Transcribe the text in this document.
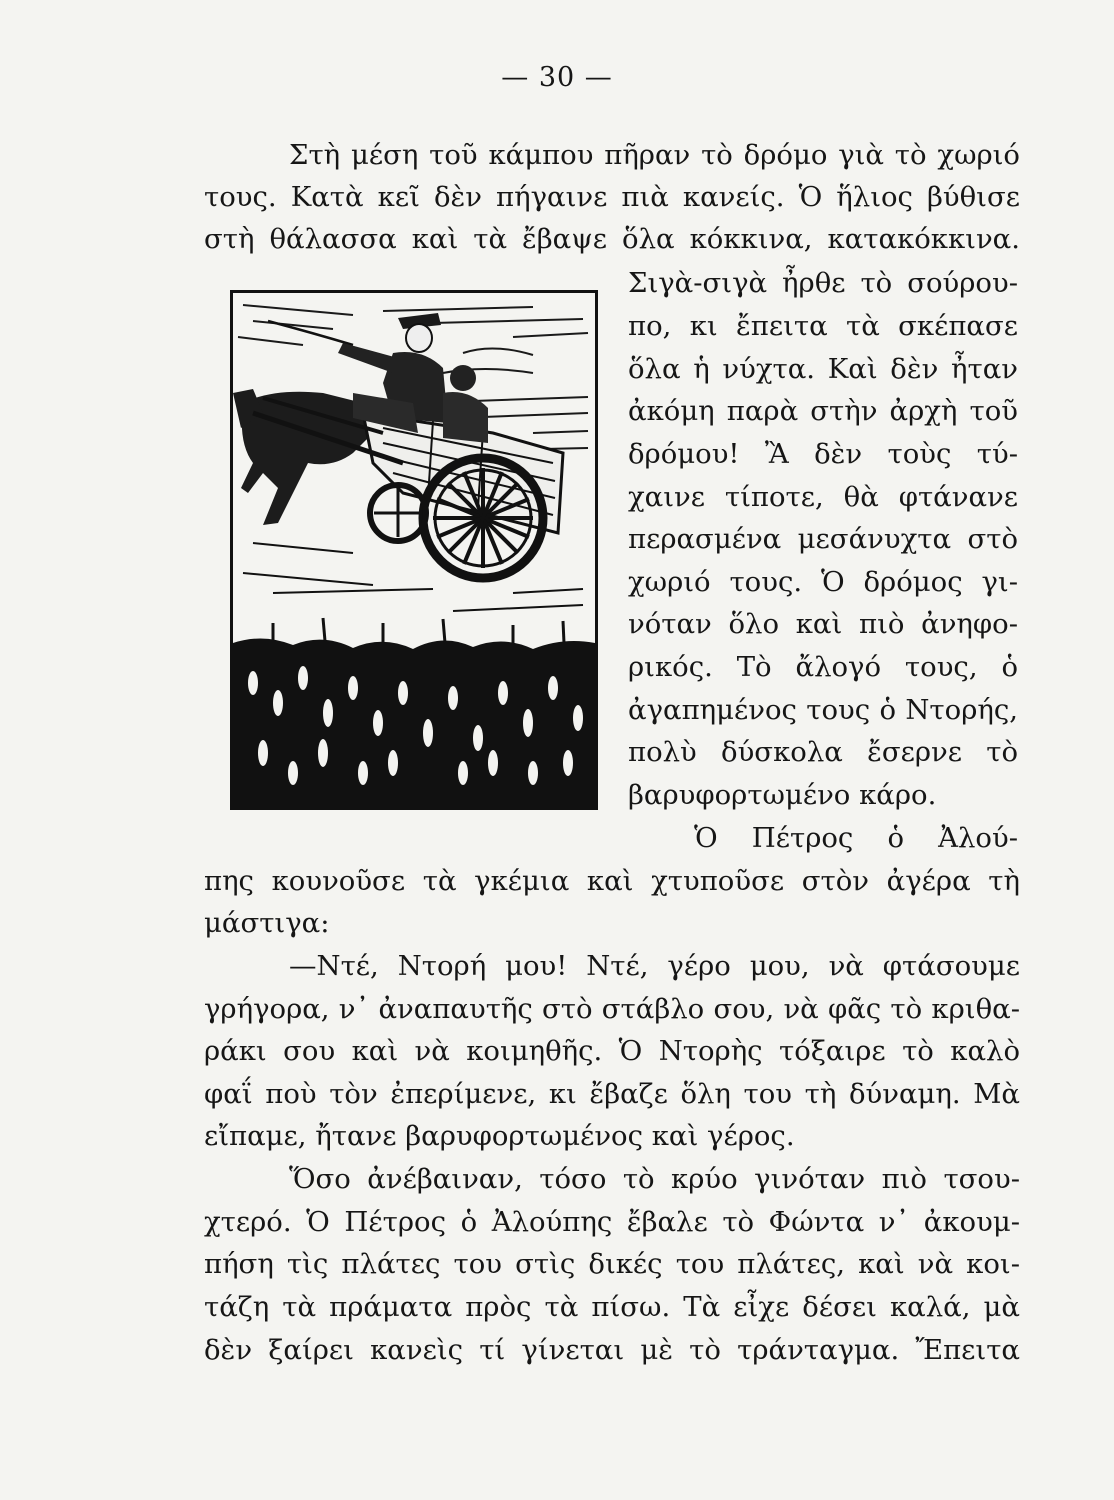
— 30 —
Στὴ μέση τοῦ κάμπου πῆραν τὸ δρόμο γιὰ τὸ χωριό
τους. Κατὰ κεῖ δὲν πήγαινε πιὰ κανείς. Ὁ ἥλιος βύθισε
στὴ θάλασσα καὶ τὰ ἔβαψε ὅλα κόκκινα, κατακόκκινα.
Σιγὰ-σιγὰ ἦρθε τὸ σούρου-
πο, κι ἔπειτα τὰ σκέπασε
ὅλα ἡ νύχτα. Καὶ δὲν ἦταν
ἀκόμη παρὰ στὴν ἀρχὴ τοῦ
δρόμου! Ἂ δὲν τοὺς τύ-
χαινε τίποτε, θὰ φτάνανε
περασμένα μεσάνυχτα στὸ
χωριό τους. Ὁ δρόμος γι-
νόταν ὅλο καὶ πιὸ ἀνηφο-
ρικός. Τὸ ἄλογό τους, ὁ
ἀγαπημένος τους ὁ Ντορής,
πολὺ δύσκολα ἔσερνε τὸ
βαρυφορτωμένο κάρο.
Ὁ Πέτρος ὁ Ἀλού-
πης κουνοῦσε τὰ γκέμια καὶ χτυποῦσε στὸν ἀγέρα τὴ
μάστιγα:
—Ντέ, Ντορή μου! Ντέ, γέρο μου, νὰ φτάσουμε
γρήγορα, ν᾿ ἀναπαυτῆς στὸ στάβλο σου, νὰ φᾶς τὸ κριθα-
ράκι σου καὶ νὰ κοιμηθῆς. Ὁ Ντορὴς τόξαιρε τὸ καλὸ
φαΐ ποὺ τὸν ἐπερίμενε, κι ἔβαζε ὅλη του τὴ δύναμη. Μὰ
εἴπαμε, ἤτανε βαρυφορτωμένος καὶ γέρος.
Ὅσο ἀνέβαιναν, τόσο τὸ κρύο γινόταν πιὸ τσου-
χτερό. Ὁ Πέτρος ὁ Ἀλούπης ἔβαλε τὸ Φώντα ν᾿ ἀκουμ-
πήση τὶς πλάτες του στὶς δικές του πλάτες, καὶ νὰ κοι-
τάζη τὰ πράματα πρὸς τὰ πίσω. Τὰ εἶχε δέσει καλά, μὰ
δὲν ξαίρει κανεὶς τί γίνεται μὲ τὸ τράνταγμα. Ἔπειτα
